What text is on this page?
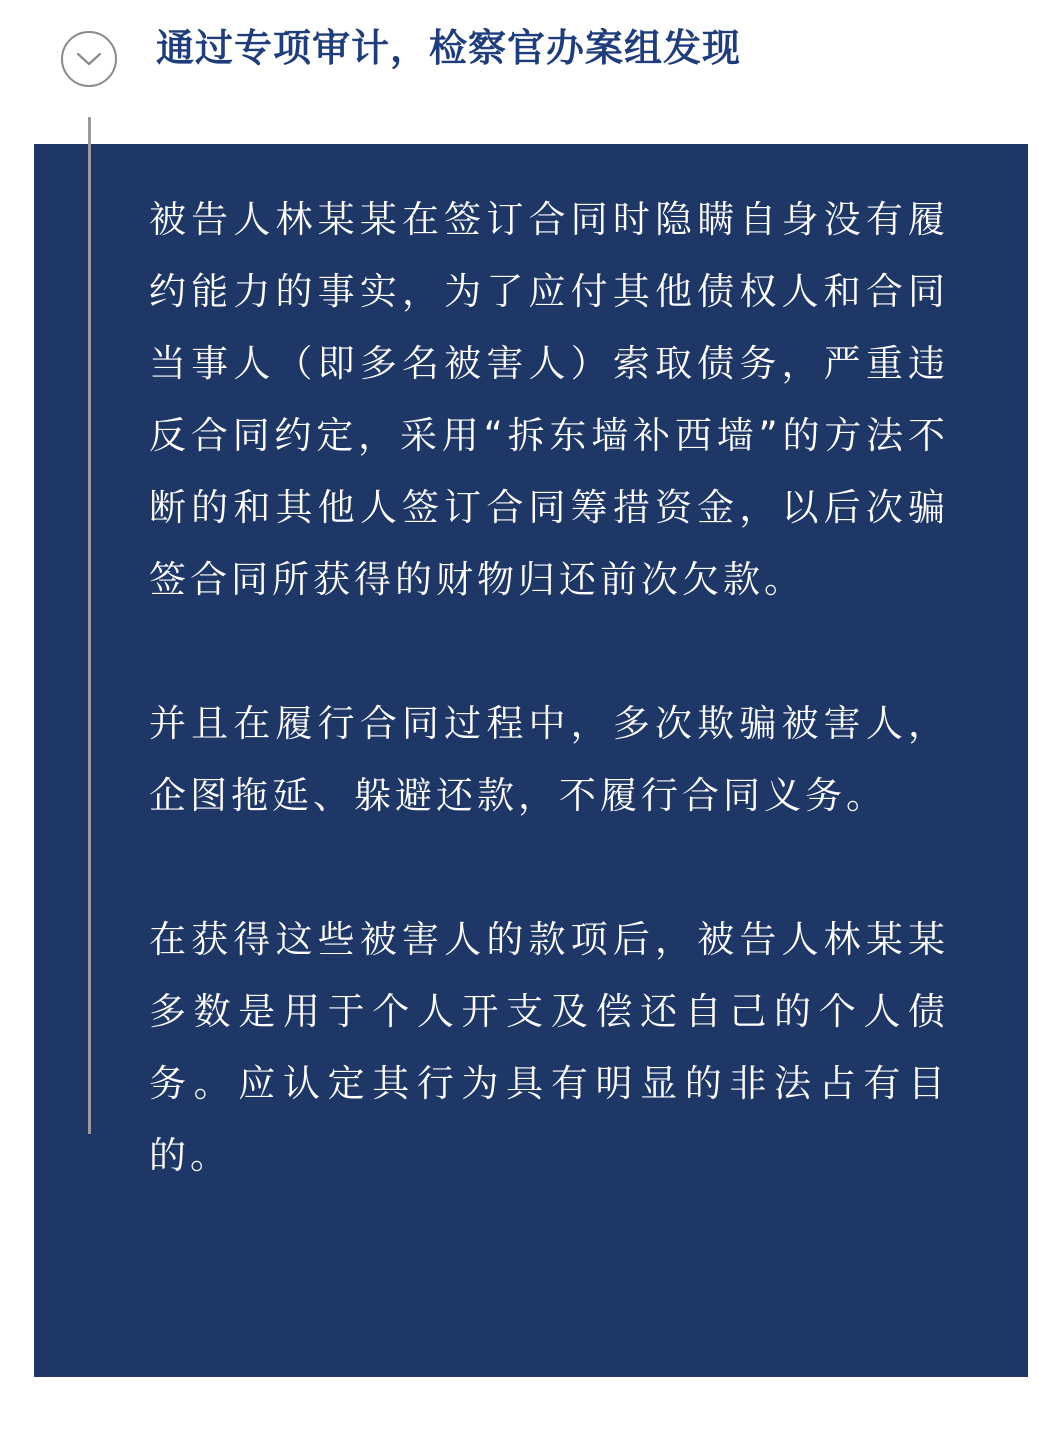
通过专项审计，检察官办案组发现

被告人林某某在签订合同时隐瞒自身没有履约能力的事实，为了应付其他债权人和合同当事人（即多名被害人）索取债务，严重违反合同约定，采用“拆东墙补西墙”的方法不断的和其他人签订合同筹措资金，以后次骗签合同所获得的财物归还前次欠款。

并且在履行合同过程中，多次欺骗被害人，企图拖延、躲避还款，不履行合同义务。

在获得这些被害人的款项后，被告人林某某多数是用于个人开支及偿还自己的个人债务。应认定其行为具有明显的非法占有目的。
